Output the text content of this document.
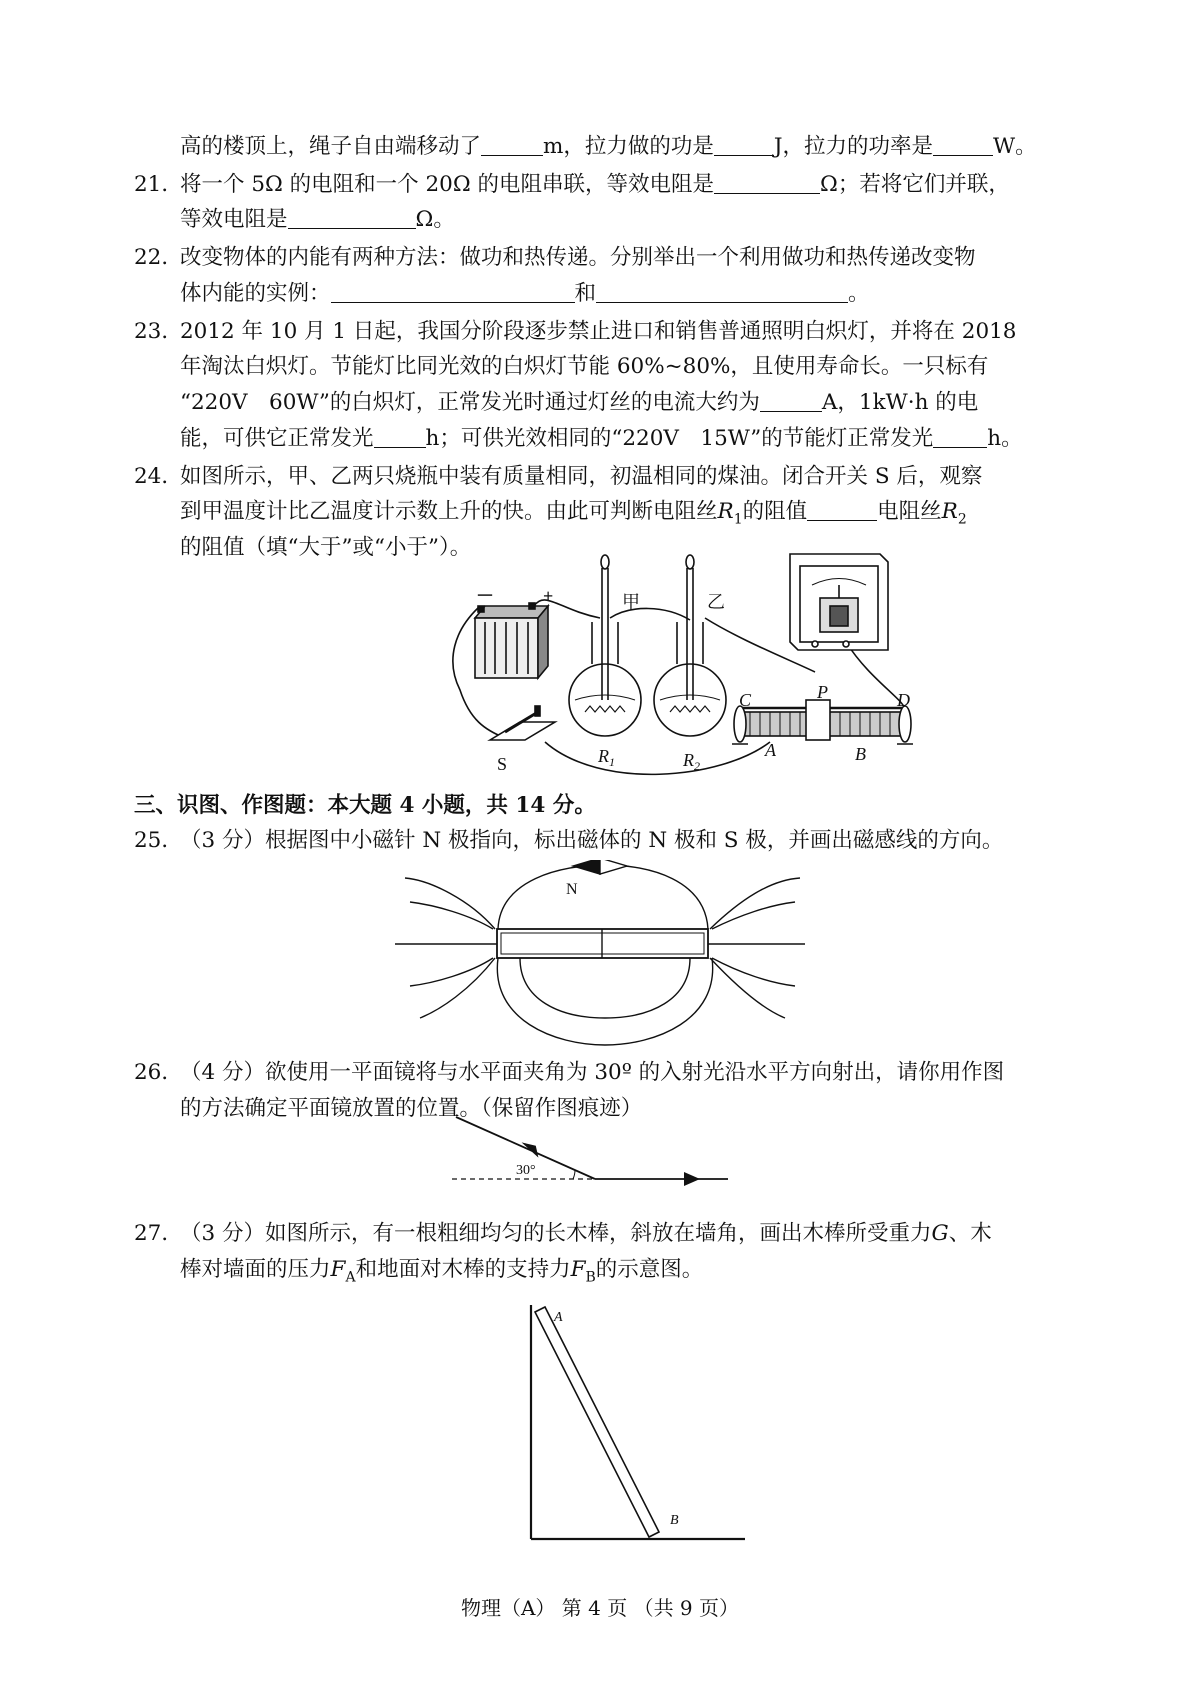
高的楼顶上，绳子自由端移动了	m，拉力做的功是	J，拉力的功率是	W。
21．将一个 5Ω 的电阻和一个 20Ω 的电阻串联，等效电阻是	Ω；若将它们并联，
等效电阻是	Ω。
22．改变物体的内能有两种方法：做功和热传递。分别举出一个利用做功和热传递改变物
体内能的实例：	和	。
23．2012 年 10 月 1 日起，我国分阶段逐步禁止进口和销售普通照明白炽灯，并将在 2018
年淘汰白炽灯。节能灯比同光效的白炽灯节能 60%~80%，且使用寿命长。一只标有
“220V　60W”的白炽灯，正常发光时通过灯丝的电流大约为	A，1kW·h 的电
能，可供它正常发光 h；可供光效相同的“220V　15W”的节能灯正常发光	h。
24．如图所示，甲、乙两只烧瓶中装有质量相同，初温相同的煤油。闭合开关 S 后，观察
到甲温度计比乙温度计示数上升的快。由此可判断电阻丝$R_1$的阻值	电阻丝$R_2$
的阻值（填“大于”或“小于”）。
－	+	甲	乙
C	P	D
A	B
S	$R_1$	$R_2$
三、识图、作图题：本大题 4 小题，共 14 分。
25．（3 分）根据图中小磁针 N 极指向，标出磁体的 N 极和 S 极，并画出磁感线的方向。
N
26．（4 分）欲使用一平面镜将与水平面夹角为 30º 的入射光沿水平方向射出，请你用作图
的方法确定平面镜放置的位置。（保留作图痕迹）
30°
27．（3 分）如图所示，有一根粗细均匀的长木棒，斜放在墙角，画出木棒所受重力G、木
棒对墙面的压力$F_A$和地面对木棒的支持力$F_B$的示意图。
A
B
物理（A） 第 4 页 （共 9 页）
